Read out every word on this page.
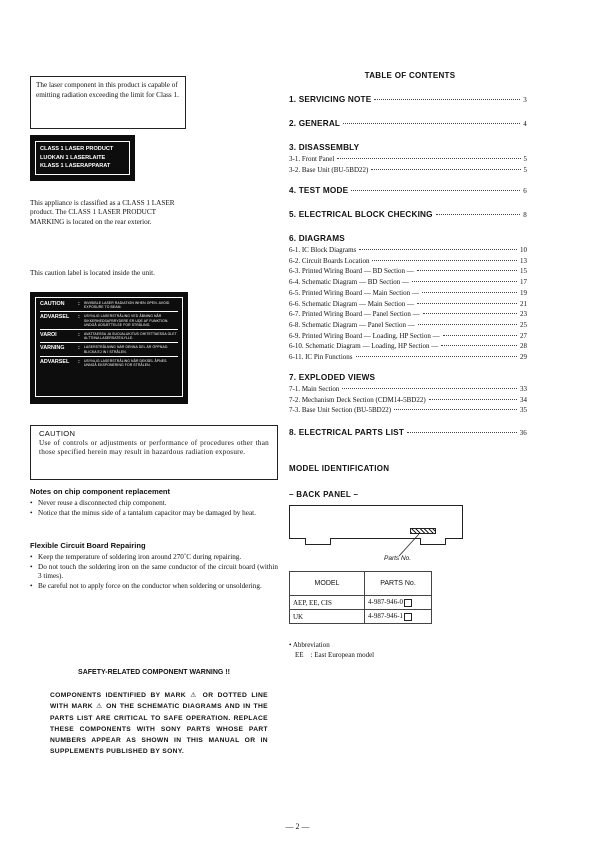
The laser component in this product is capable of emitting radiation exceeding the limit for Class 1.
CLASS 1 LASER PRODUCT
LUOKAN 1 LASERLAITE
KLASS 1 LASERAPPARAT
This appliance is classified as a CLASS 1 LASER product. The CLASS 1 LASER PRODUCT MARKING is located on the rear exterior.
This caution label is located inside the unit.
CAUTION	:	INVISIBLE LASER RADIATION WHEN OPEN. AVOID EXPOSURE TO BEAM.
ADVARSEL	:	USYNLIG LASERSTRÅLING VED ÅBNING NÅR SIKKERHEDSAFBRYDERE ER UDE AF FUNKTION. UNDGÅ UDSÆTTELSE FOR STRÅLING.
VAROI	:	AVATTAESSA JA SUOJALUKITUS OHITETTAESSA OLET ALTTIINA LASERSATEILYLLE.
VARNING	:	LASERSTRÅLNING NÄR DENNA DEL ÄR ÖPPNAD. BLICKA EJ IN I STRÅLEN.
ADVARSEL	:	USYNLIG LASERSTRÅLING NÅR DEKSEL ÅPNES. UNNGÅ EKSPONERING FOR STRÅLEN.
CAUTION
Use of controls or adjustments or performance of procedures other than those specified herein may result in hazardous radiation exposure.
Notes on chip component replacement
• Never reuse a disconnected chip component.
• Notice that the minus side of a tantalum capacitor may be damaged by heat.
Flexible Circuit Board Repairing
• Keep the temperature of soldering iron around 270˚C during repairing.
• Do not touch the soldering iron on the same conductor of the circuit board (within 3 times).
• Be careful not to apply force on the conductor when soldering or unsoldering.
SAFETY-RELATED COMPONENT WARNING !!
COMPONENTS IDENTIFIED BY MARK ⚠ OR DOTTED LINE WITH MARK ⚠ ON THE SCHEMATIC DIAGRAMS AND IN THE PARTS LIST ARE CRITICAL TO SAFE OPERATION. REPLACE THESE COMPONENTS WITH SONY PARTS WHOSE PART NUMBERS APPEAR AS SHOWN IN THIS MANUAL OR IN SUPPLEMENTS PUBLISHED BY SONY.
TABLE OF CONTENTS
1. SERVICING NOTE	3
2. GENERAL	4
3. DISASSEMBLY
3-1. Front Panel	5
3-2. Base Unit (BU-5BD22)	5
4. TEST MODE	6
5. ELECTRICAL BLOCK CHECKING	8
6. DIAGRAMS
6-1. IC Block Diagrams	10
6-2. Circuit Boards Location	13
6-3. Printed Wiring Board — BD Section —	15
6-4. Schematic Diagram — BD Section —	17
6-5. Printed Wiring Board — Main Section —	19
6-6. Schematic Diagram — Main Section —	21
6-7. Printed Wiring Board — Panel Section —	23
6-8. Schematic Diagram — Panel Section —	25
6-9. Printed Wiring Board — Loading, HP Section —	27
6-10. Schematic Diagram — Loading, HP Section —	28
6-11. IC Pin Functions	29
7. EXPLODED VIEWS
7-1. Main Section	33
7-2. Mechanism Deck Section (CDM14-5BD22)	34
7-3. Base Unit Section (BU-5BD22)	35
8. ELECTRICAL PARTS LIST	36
MODEL IDENTIFICATION
– BACK PANEL –
Parts No.
MODEL	PARTS No.
AEP, EE, CIS	4-987-946-0
UK	4-987-946-1
• Abbreviation
EE    : East European model
— 2 —
